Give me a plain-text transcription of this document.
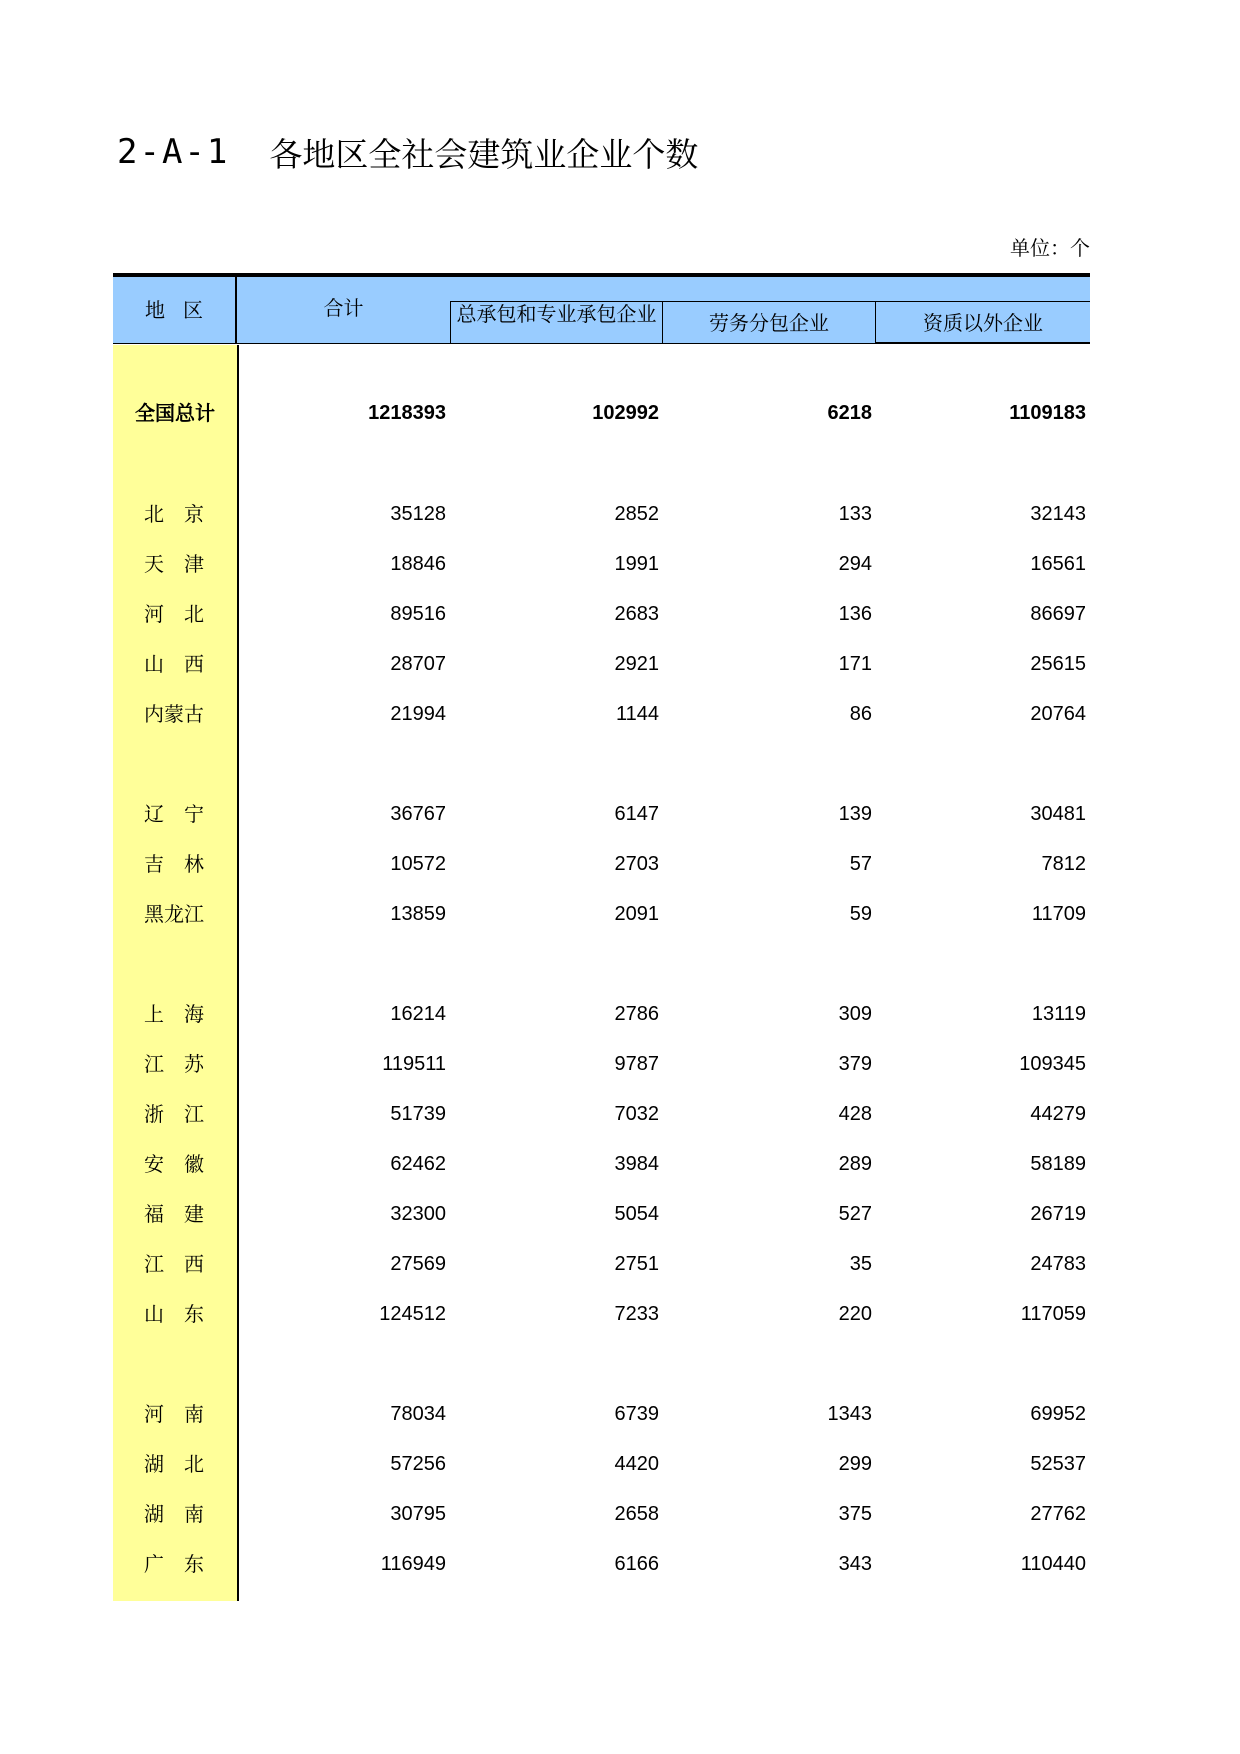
2-A-1 各地区全社会建筑业企业个数
单位：个
地区	合计	总承包和专业承包企业	劳务分包企业	资质以外企业
全国总计	1218393	102992	6218	1109183
北　京	35128	2852	133	32143
天　津	18846	1991	294	16561
河　北	89516	2683	136	86697
山　西	28707	2921	171	25615
内蒙古	21994	1144	86	20764
辽　宁	36767	6147	139	30481
吉　林	10572	2703	57	7812
黑龙江	13859	2091	59	11709
上　海	16214	2786	309	13119
江　苏	119511	9787	379	109345
浙　江	51739	7032	428	44279
安　徽	62462	3984	289	58189
福　建	32300	5054	527	26719
江　西	27569	2751	35	24783
山　东	124512	7233	220	117059
河　南	78034	6739	1343	69952
湖　北	57256	4420	299	52537
湖　南	30795	2658	375	27762
广　东	116949	6166	343	110440
